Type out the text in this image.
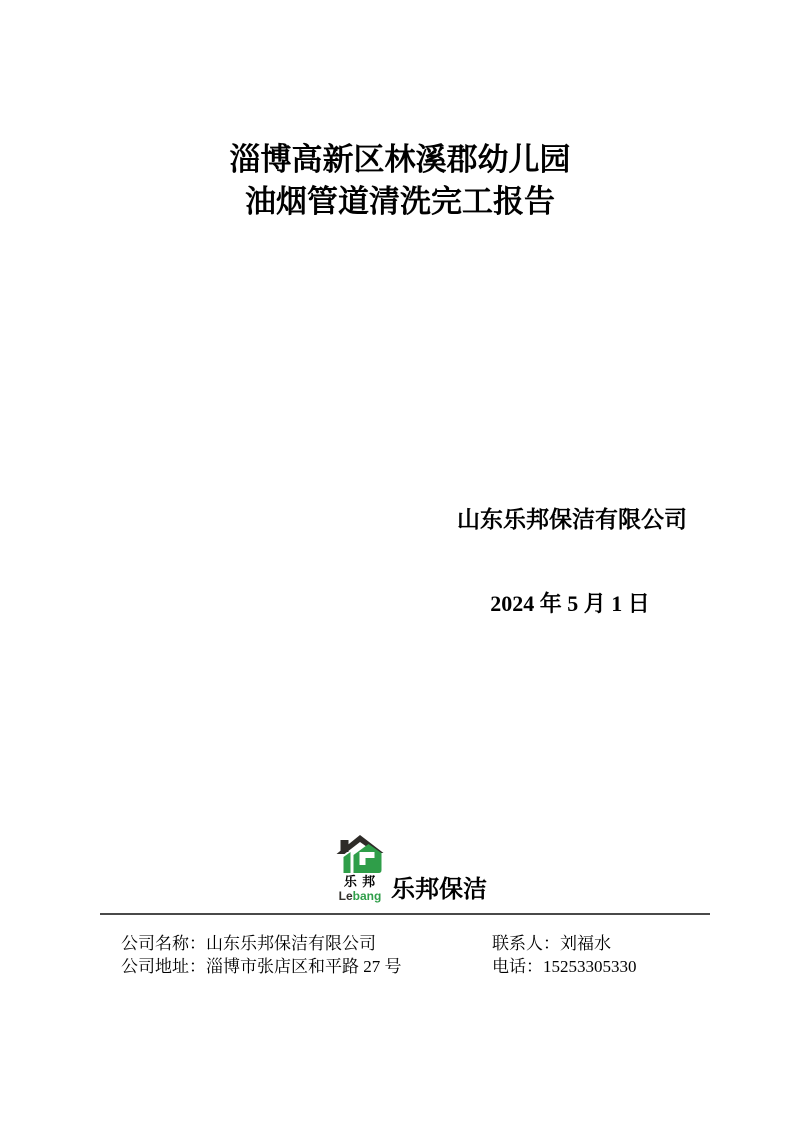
淄博高新区林溪郡幼儿园
油烟管道清洗完工报告
山东乐邦保洁有限公司
2024 年 5 月 1 日
乐 邦
Lebang 乐邦保洁
公司名称：山东乐邦保洁有限公司
公司地址：淄博市张店区和平路 27 号
联系人：刘福水
电话：15253305330
